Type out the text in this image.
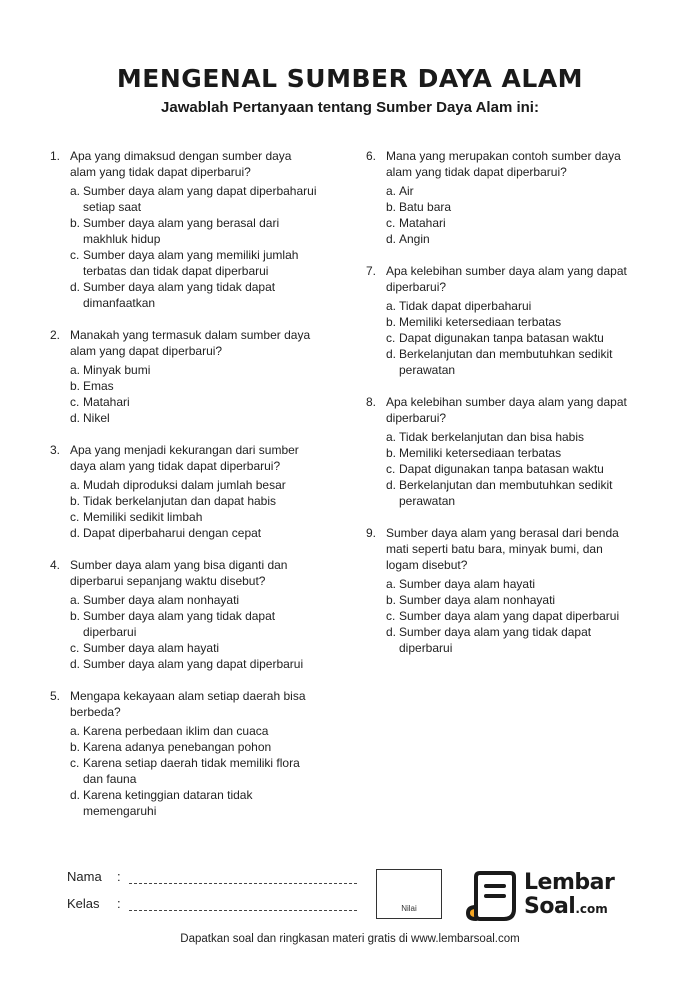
MENGENAL SUMBER DAYA ALAM
Jawablah Pertanyaan tentang Sumber Daya Alam ini:
1. Apa yang dimaksud dengan sumber daya alam yang tidak dapat diperbarui?
a. Sumber daya alam yang dapat diperbaharui setiap saat
b. Sumber daya alam yang berasal dari makhluk hidup
c. Sumber daya alam yang memiliki jumlah terbatas dan tidak dapat diperbarui
d. Sumber daya alam yang tidak dapat dimanfaatkan
2. Manakah yang termasuk dalam sumber daya alam yang dapat diperbarui?
a. Minyak bumi
b. Emas
c. Matahari
d. Nikel
3. Apa yang menjadi kekurangan dari sumber daya alam yang tidak dapat diperbarui?
a. Mudah diproduksi dalam jumlah besar
b. Tidak berkelanjutan dan dapat habis
c. Memiliki sedikit limbah
d. Dapat diperbaharui dengan cepat
4. Sumber daya alam yang bisa diganti dan diperbarui sepanjang waktu disebut?
a. Sumber daya alam nonhayati
b. Sumber daya alam yang tidak dapat diperbarui
c. Sumber daya alam hayati
d. Sumber daya alam yang dapat diperbarui
5. Mengapa kekayaan alam setiap daerah bisa berbeda?
a. Karena perbedaan iklim dan cuaca
b. Karena adanya penebangan pohon
c. Karena setiap daerah tidak memiliki flora dan fauna
d. Karena ketinggian dataran tidak memengaruhi
6. Mana yang merupakan contoh sumber daya alam yang tidak dapat diperbarui?
a. Air
b. Batu bara
c. Matahari
d. Angin
7. Apa kelebihan sumber daya alam yang dapat diperbarui?
a. Tidak dapat diperbaharui
b. Memiliki ketersediaan terbatas
c. Dapat digunakan tanpa batasan waktu
d. Berkelanjutan dan membutuhkan sedikit perawatan
8. Apa kelebihan sumber daya alam yang dapat diperbarui?
a. Tidak berkelanjutan dan bisa habis
b. Memiliki ketersediaan terbatas
c. Dapat digunakan tanpa batasan waktu
d. Berkelanjutan dan membutuhkan sedikit perawatan
9. Sumber daya alam yang berasal dari benda mati seperti batu bara, minyak bumi, dan logam disebut?
a. Sumber daya alam hayati
b. Sumber daya alam nonhayati
c. Sumber daya alam yang dapat diperbarui
d. Sumber daya alam yang tidak dapat diperbarui
Nama	:
Kelas	:	Nilai
Lembar
Soal.com
Dapatkan soal dan ringkasan materi gratis di www.lembarsoal.com
